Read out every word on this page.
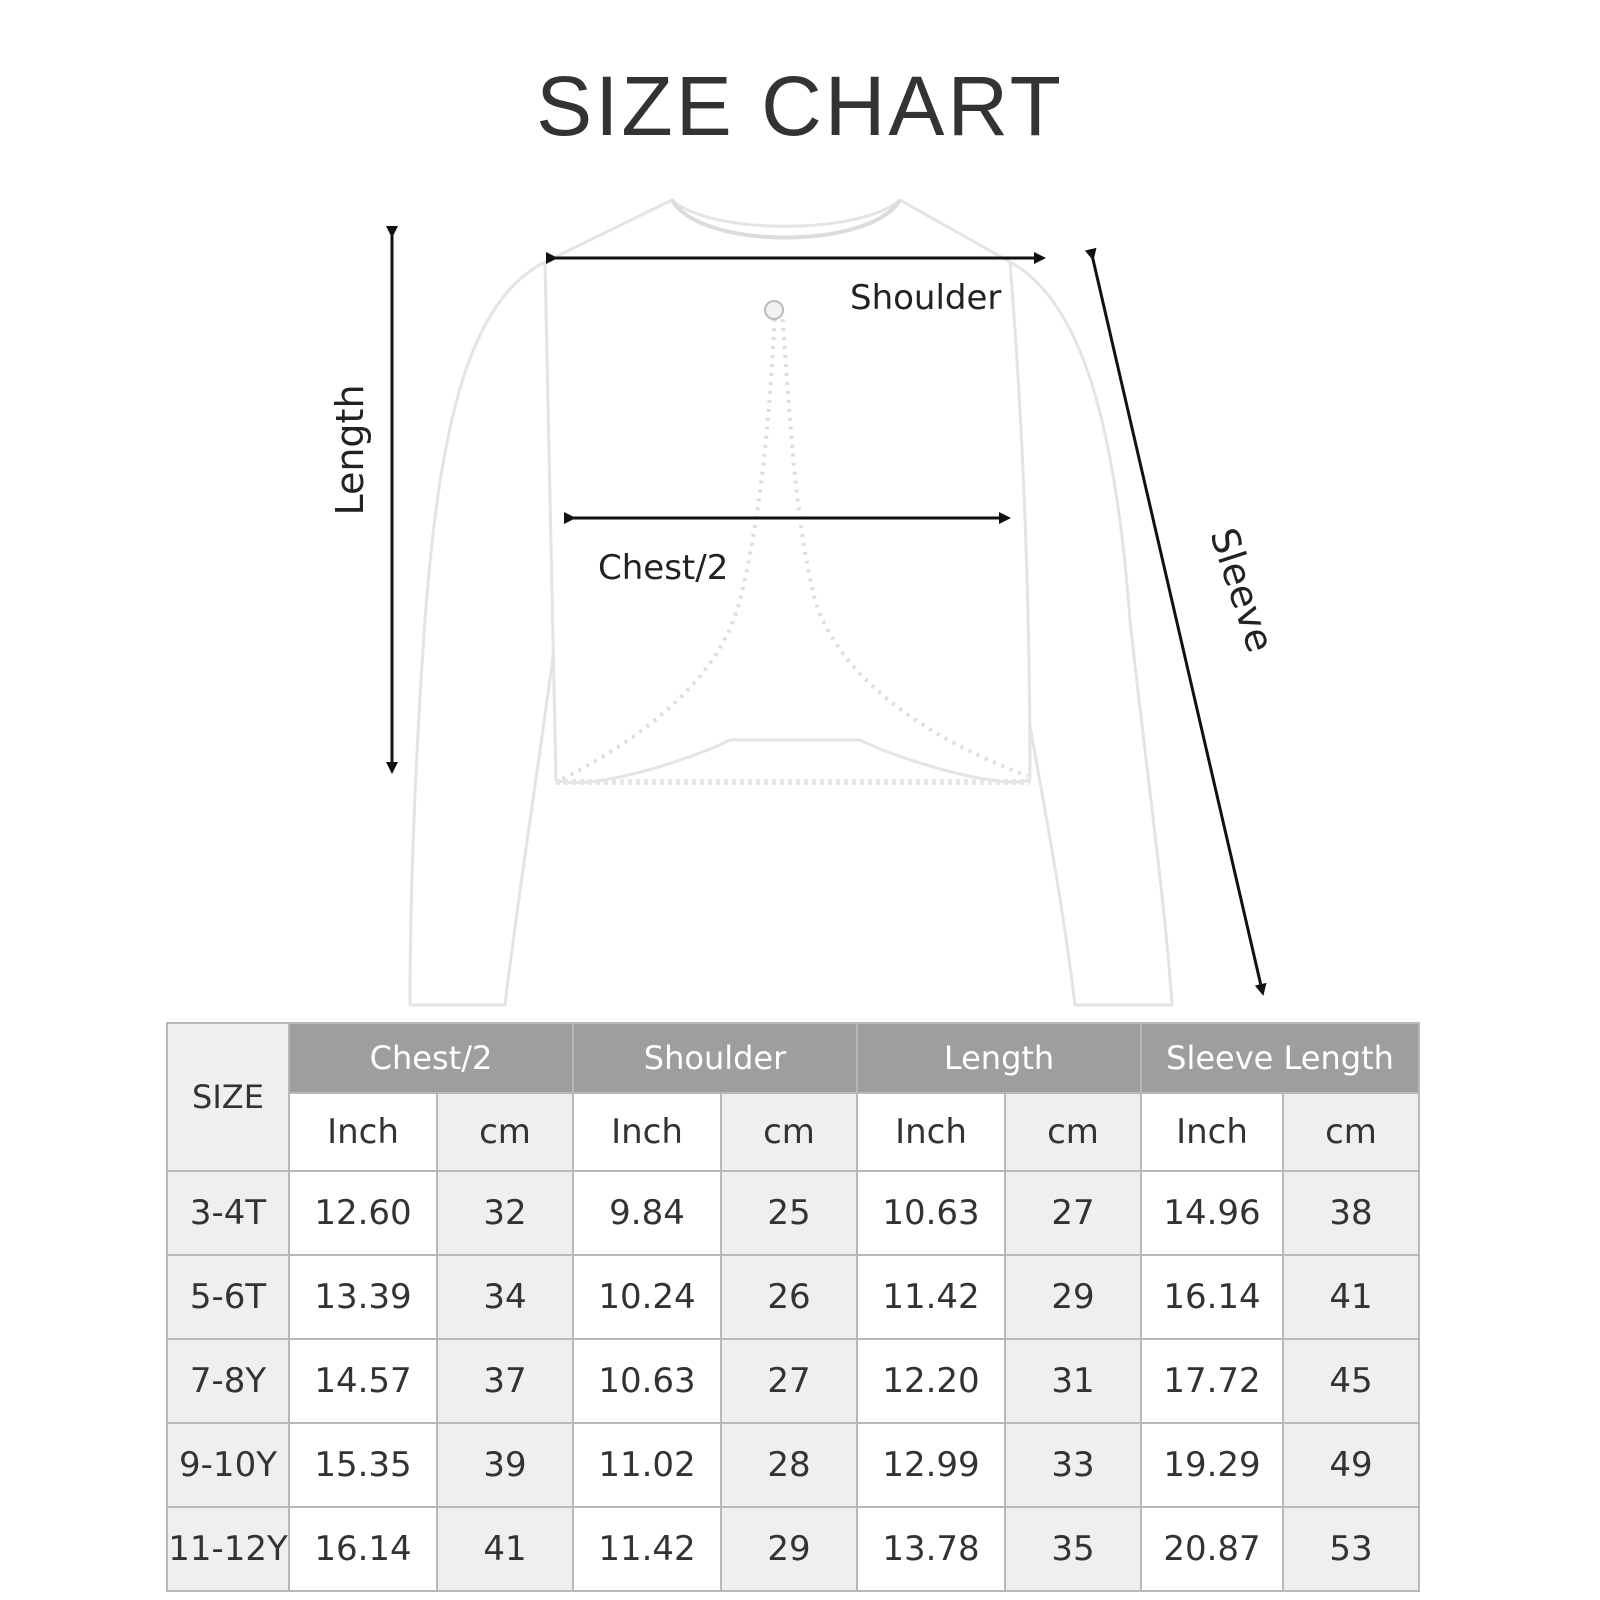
SIZE CHART
Length
Sleeve
Shoulder
Chest/2
SIZE	Chest/2		Shoulder		Length		Sleeve Length	
	Inch	cm	Inch	cm	Inch	cm	Inch	cm
3-4T	12.60	32	9.84	25	10.63	27	14.96	38
5-6T	13.39	34	10.24	26	11.42	29	16.14	41
7-8Y	14.57	37	10.63	27	12.20	31	17.72	45
9-10Y	15.35	39	11.02	28	12.99	33	19.29	49
11-12Y	16.14	41	11.42	29	13.78	35	20.87	53
